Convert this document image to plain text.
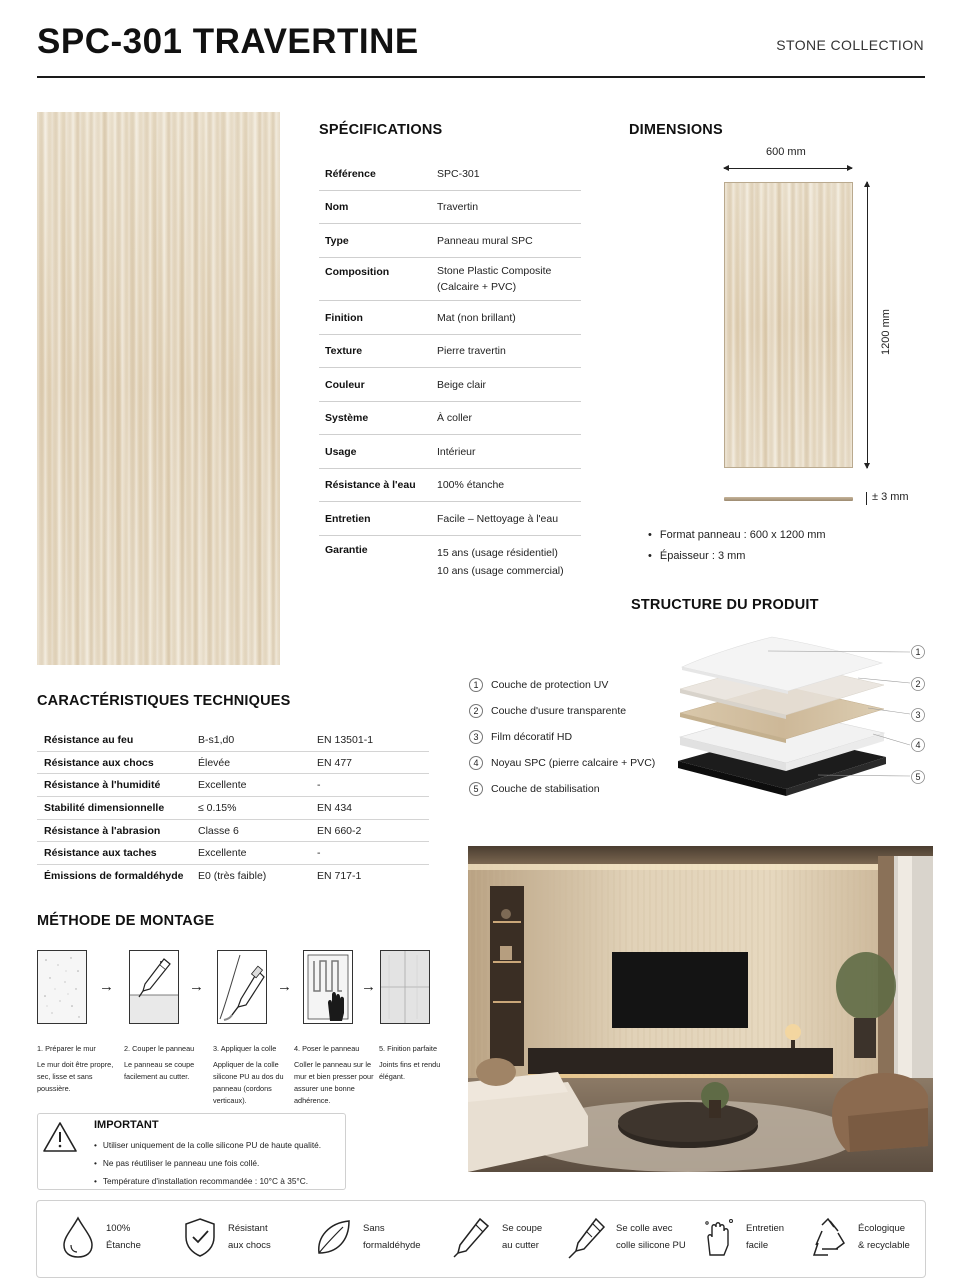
SPC-301 TRAVERTINE	STONE COLLECTION
SPÉCIFICATIONS
Référence	SPC-301
Nom	Travertin
Type	Panneau mural SPC
Composition	Stone Plastic Composite
(Calcaire + PVC)
Finition	Mat (non brillant)
Texture	Pierre travertin
Couleur	Beige clair
Système	À coller
Usage	Intérieur
Résistance à l'eau	100% étanche
Entretien	Facile – Nettoyage à l'eau
Garantie	15 ans (usage résidentiel)
10 ans (usage commercial)
DIMENSIONS
600 mm
1200 mm
± 3 mm
• Format panneau : 600 x 1200 mm
• Épaisseur : 3 mm
STRUCTURE DU PRODUIT
1	Couche de protection UV
2	Couche d'usure transparente
3	Film décoratif HD
4	Noyau SPC (pierre calcaire + PVC)
5	Couche de stabilisation
1
2
3
4
5
CARACTÉRISTIQUES TECHNIQUES
Résistance au feu	B-s1,d0	EN 13501-1
Résistance aux chocs	Élevée	EN 477
Résistance à l'humidité	Excellente	-
Stabilité dimensionnelle	≤ 0.15%	EN 434
Résistance à l'abrasion	Classe 6	EN 660-2
Résistance aux taches	Excellente	-
Émissions de formaldéhyde	E0 (très faible)	EN 717-1
MÉTHODE DE MONTAGE
→	→	→	→
1. Préparer le mur
Le mur doit être propre, sec, lisse et sans poussière.
2. Couper le panneau
Le panneau se coupe facilement au cutter.
3. Appliquer la colle
Appliquer de la colle silicone PU au dos du panneau (cordons verticaux).
4. Poser le panneau
Coller le panneau sur le mur et bien presser pour assurer une bonne adhérence.
5. Finition parfaite
Joints fins et rendu élégant.
IMPORTANT
• Utiliser uniquement de la colle silicone PU de haute qualité.
• Ne pas réutiliser le panneau une fois collé.
• Température d'installation recommandée : 10°C à 35°C.
100%
Étanche
Résistant
aux chocs
Sans
formaldéhyde
Se coupe
au cutter
Se colle avec
colle silicone PU
Entretien
facile
Écologique
& recyclable
